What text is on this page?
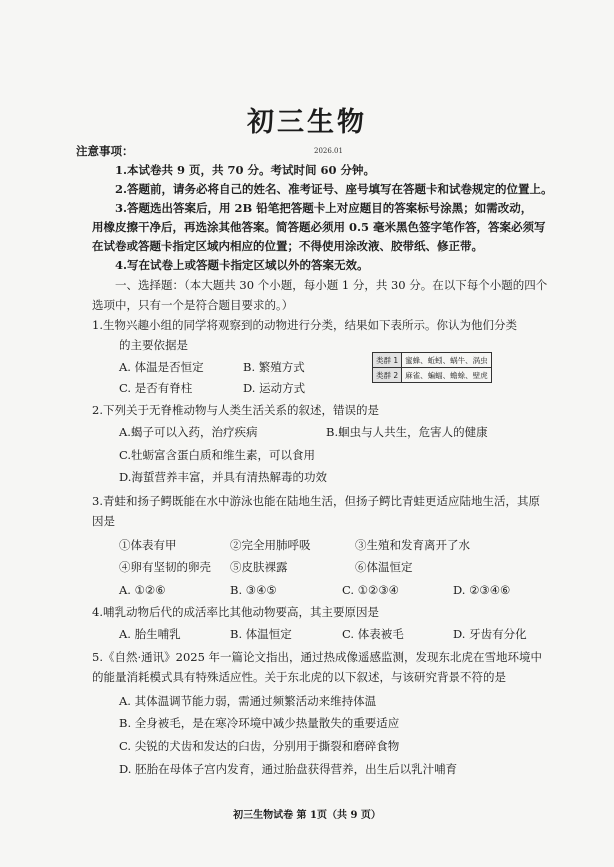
初三生物
2026.01
注意事项：
1.本试卷共 9 页，共 70 分。考试时间 60 分钟。
2.答题前，请务必将自己的姓名、准考证号、座号填写在答题卡和试卷规定的位置上。
3.答题选出答案后，用 2B 铅笔把答题卡上对应题目的答案标号涂黑；如需改动，
用橡皮擦干净后，再选涂其他答案。简答题必须用 0.5 毫米黑色签字笔作答，答案必须写
在试卷或答题卡指定区域内相应的位置；不得使用涂改液、胶带纸、修正带。
4.写在试卷上或答题卡指定区域以外的答案无效。
一、选择题：（本大题共 30 个小题，每小题 1 分，共 30 分。在以下每个小题的四个
选项中，只有一个是符合题目要求的。）
1.生物兴趣小组的同学将观察到的动物进行分类，结果如下表所示。你认为他们分类
的主要依据是
A. 体温是否恒定	B. 繁殖方式
C. 是否有脊柱	D. 运动方式
类群 1	蜜蜂、蚯蚓、蜗牛、涡虫
类群 2	麻雀、蝙蝠、蟾蜍、壁虎
2.下列关于无脊椎动物与人类生活关系的叙述，错误的是
A.蝎子可以入药，治疗疾病	B.蛔虫与人共生，危害人的健康
C.牡蛎富含蛋白质和维生素，可以食用
D.海蜇营养丰富，并具有清热解毒的功效
3.青蛙和扬子鳄既能在水中游泳也能在陆地生活，但扬子鳄比青蛙更适应陆地生活，其原
因是
①体表有甲	②完全用肺呼吸	③生殖和发育离开了水
④卵有坚韧的卵壳 ⑤皮肤裸露	⑥体温恒定
A. ①②⑥	B. ③④⑤	C. ①②③④	D. ②③④⑥
4.哺乳动物后代的成活率比其他动物要高，其主要原因是
A. 胎生哺乳	B. 体温恒定	C. 体表被毛	D. 牙齿有分化
5.《自然·通讯》2025 年一篇论文指出，通过热成像遥感监测，发现东北虎在雪地环境中
的能量消耗模式具有特殊适应性。关于东北虎的以下叙述，与该研究背景不符的是
A. 其体温调节能力弱，需通过频繁活动来维持体温
B. 全身被毛，是在寒冷环境中减少热量散失的重要适应
C. 尖锐的犬齿和发达的臼齿，分别用于撕裂和磨碎食物
D. 胚胎在母体子宫内发育，通过胎盘获得营养，出生后以乳汁哺育
初三生物试卷 第 1页（共 9 页）
